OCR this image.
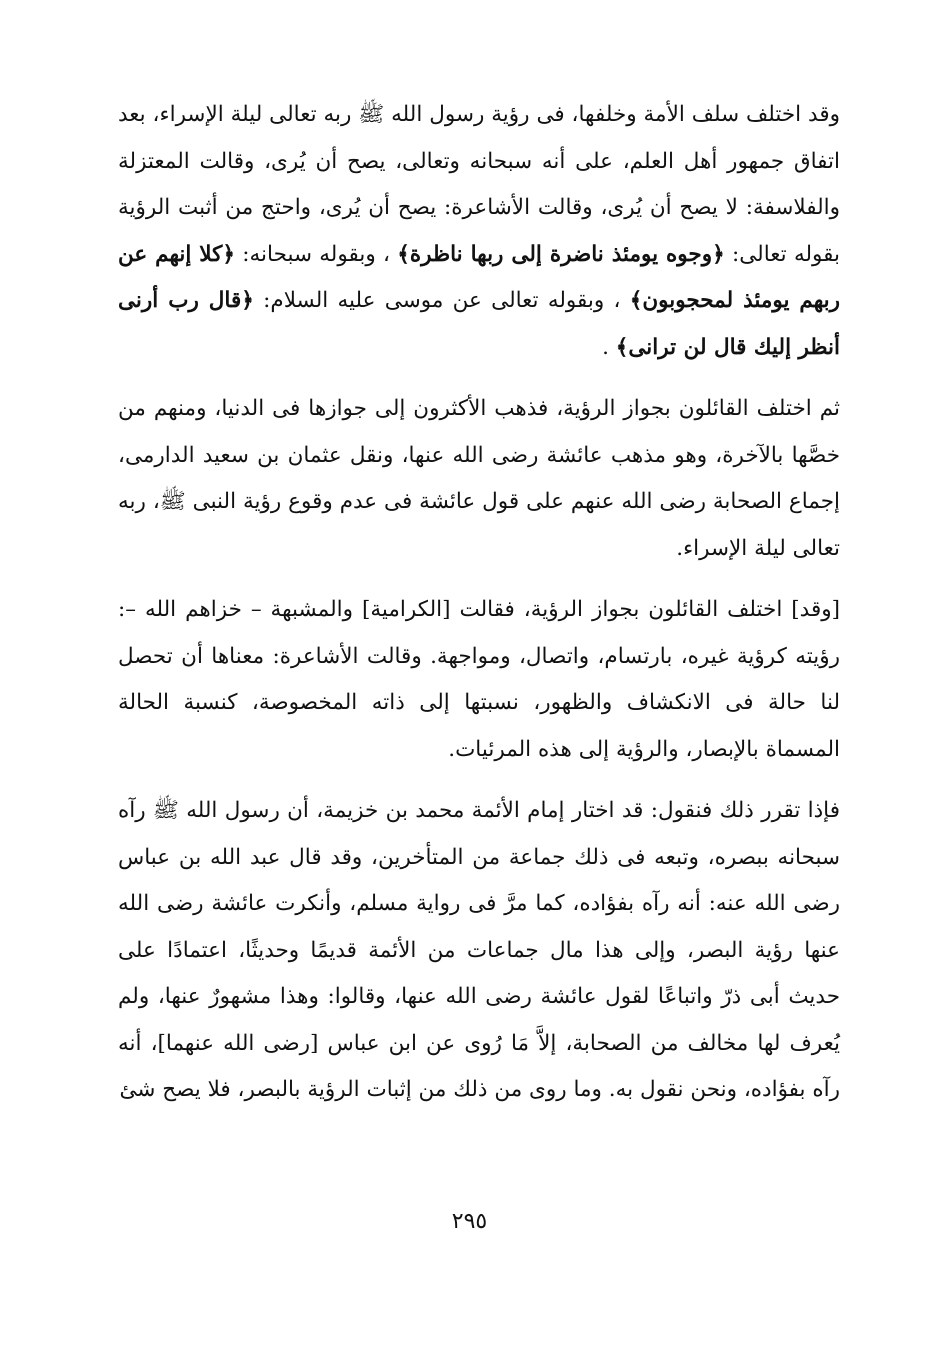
وقد اختلف سلف الأمة وخلفها، فى رؤية رسول الله ﷺ ربه تعالى ليلة الإسراء، بعد اتفاق جمهور أهل العلم، على أنه سبحانه وتعالى، يصح أن يُرى، وقالت المعتزلة والفلاسفة: لا يصح أن يُرى، وقالت الأشاعرة: يصح أن يُرى، واحتج من أثبت الرؤية بقوله تعالى: ﴿وجوه يومئذ ناضرة إلى ربها ناظرة﴾ ، وبقوله سبحانه: ﴿كلا إنهم عن ربهم يومئذ لمحجوبون﴾ ، وبقوله تعالى عن موسى عليه السلام: ﴿قال رب أرنى أنظر إليك قال لن ترانى﴾ .

ثم اختلف القائلون بجواز الرؤية، فذهب الأكثرون إلى جوازها فى الدنيا، ومنهم من خصَّها بالآخرة، وهو مذهب عائشة رضى الله عنها، ونقل عثمان بن سعيد الدارمى، إجماع الصحابة رضى الله عنهم على قول عائشة فى عدم وقوع رؤية النبى ﷺ، ربه تعالى ليلة الإسراء.

[وقد] اختلف القائلون بجواز الرؤية، فقالت [الكرامية] والمشبهة – خزاهم الله –: رؤيته كرؤية غيره، بارتسام، واتصال، ومواجهة. وقالت الأشاعرة: معناها أن تحصل لنا حالة فى الانكشاف والظهور، نسبتها إلى ذاته المخصوصة، كنسبة الحالة المسماة بالإبصار، والرؤية إلى هذه المرئيات.

فإذا تقرر ذلك فنقول: قد اختار إمام الأئمة محمد بن خزيمة، أن رسول الله ﷺ رآه سبحانه ببصره، وتبعه فى ذلك جماعة من المتأخرين، وقد قال عبد الله بن عباس رضى الله عنه: أنه رآه بفؤاده، كما مرَّ فى رواية مسلم، وأنكرت عائشة رضى الله عنها رؤية البصر، وإلى هذا مال جماعات من الأئمة قديمًا وحديثًا، اعتمادًا على حديث أبى ذرّ واتباعًا لقول عائشة رضى الله عنها، وقالوا: وهذا مشهورٌ عنها، ولم يُعرف لها مخالف من الصحابة، إلاَّ مَا رُوى عن ابن عباس [رضى الله عنهما]، أنه رآه بفؤاده، ونحن نقول به. وما روى من ذلك من إثبات الرؤية بالبصر، فلا يصح شئ

٢٩٥
